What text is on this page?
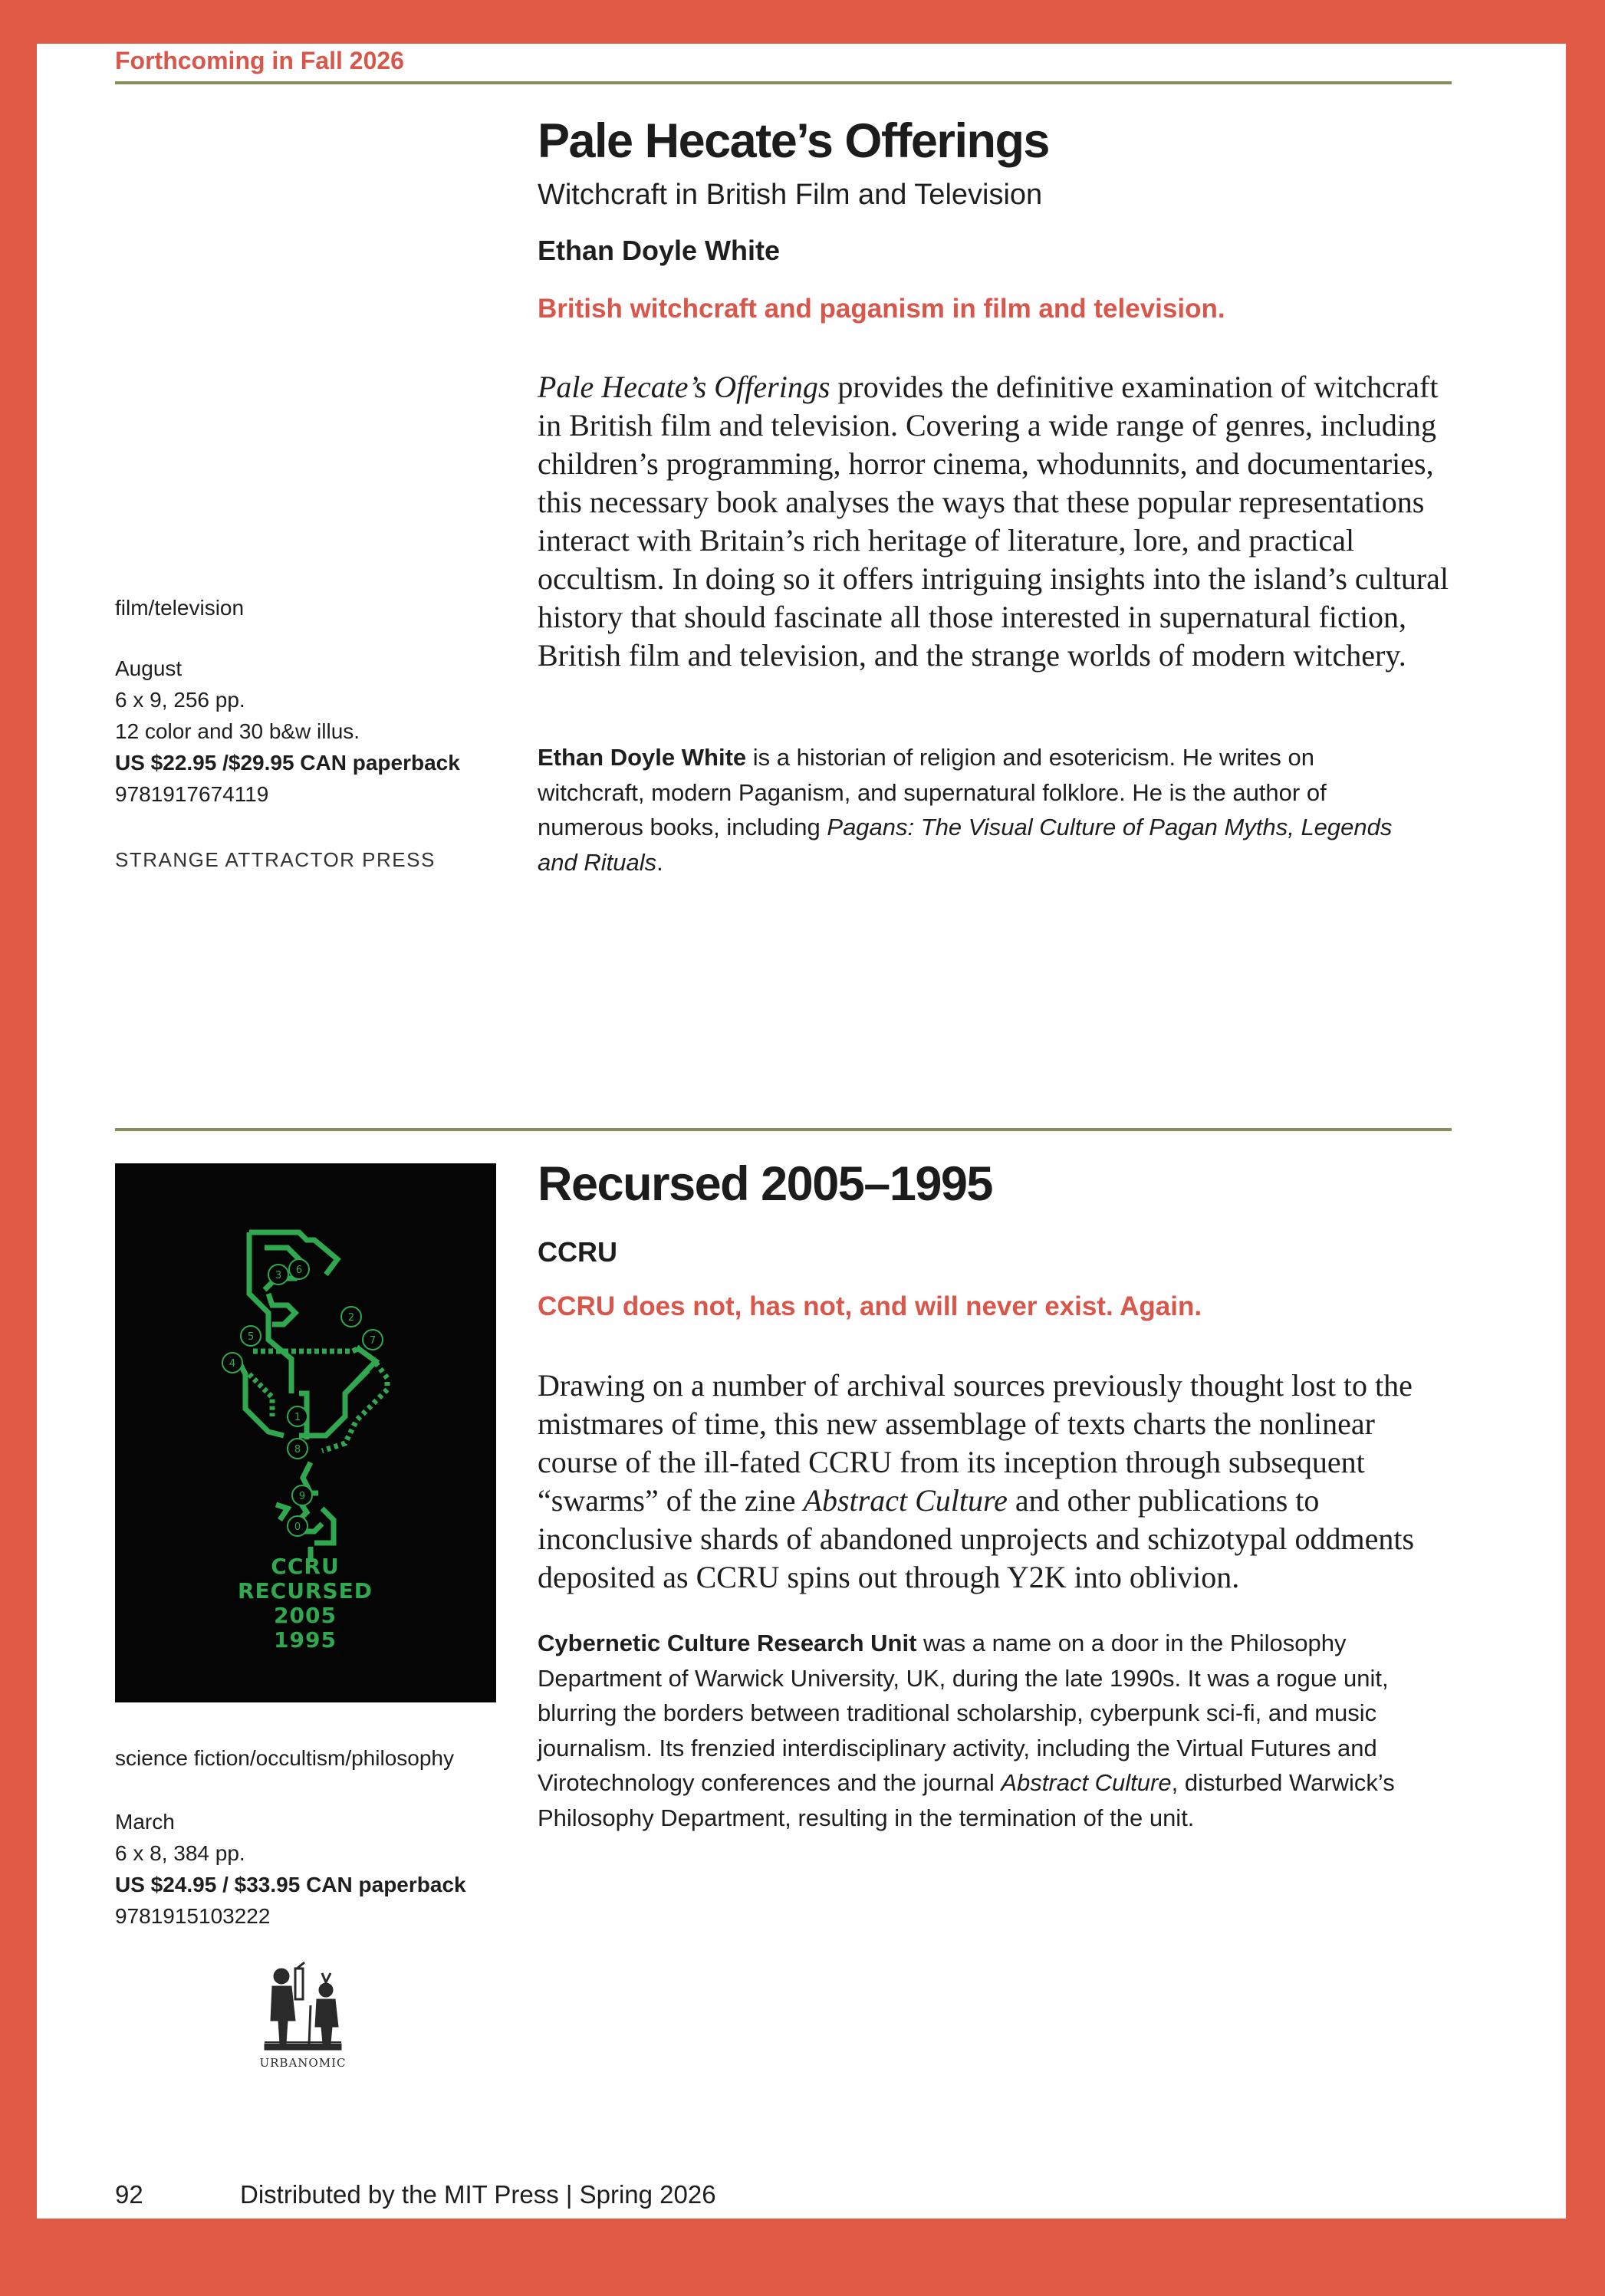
Forthcoming in Fall 2026
Pale Hecate’s Offerings
Witchcraft in British Film and Television
Ethan Doyle White
British witchcraft and paganism in film and television.
Pale Hecate’s Offerings provides the definitive examination of witchcraft in British film and television. Covering a wide range of genres, including children’s programming, horror cinema, whodunnits, and documentaries, this necessary book analyses the ways that these popular representations interact with Britain’s rich heritage of literature, lore, and practical occultism. In doing so it offers intriguing insights into the island’s cultural history that should fascinate all those interested in supernatural fiction, British film and television, and the strange worlds of modern witchery.
Ethan Doyle White is a historian of religion and esotericism. He writes on witchcraft, modern Paganism, and supernatural folklore. He is the author of numerous books, including Pagans: The Visual Culture of Pagan Myths, Legends and Rituals.
film/television
August
6 x 9, 256 pp.
12 color and 30 b&w illus.
US $22.95 /$29.95 CAN paperback
9781917674119
STRANGE ATTRACTOR PRESS
3 6
2
5	7
4
1
8
9
0
CCRU
RECURSED
2005
1995
Recursed 2005–1995
CCRU
CCRU does not, has not, and will never exist. Again.
Drawing on a number of archival sources previously thought lost to the mistmares of time, this new assemblage of texts charts the nonlinear course of the ill-fated CCRU from its inception through subsequent “swarms” of the zine Abstract Culture and other publications to inconclusive shards of abandoned unprojects and schizotypal oddments deposited as CCRU spins out through Y2K into oblivion.
Cybernetic Culture Research Unit was a name on a door in the Philosophy Department of Warwick University, UK, during the late 1990s. It was a rogue unit, blurring the borders between traditional scholarship, cyberpunk sci-fi, and music journalism. Its frenzied interdisciplinary activity, including the Virtual Futures and Virotechnology conferences and the journal Abstract Culture, disturbed Warwick’s Philosophy Department, resulting in the termination of the unit.
science fiction/occultism/philosophy
March
6 x 8, 384 pp.
US $24.95 / $33.95 CAN paperback
9781915103222
URBANOMIC
92	Distributed by the MIT Press | Spring 2026
